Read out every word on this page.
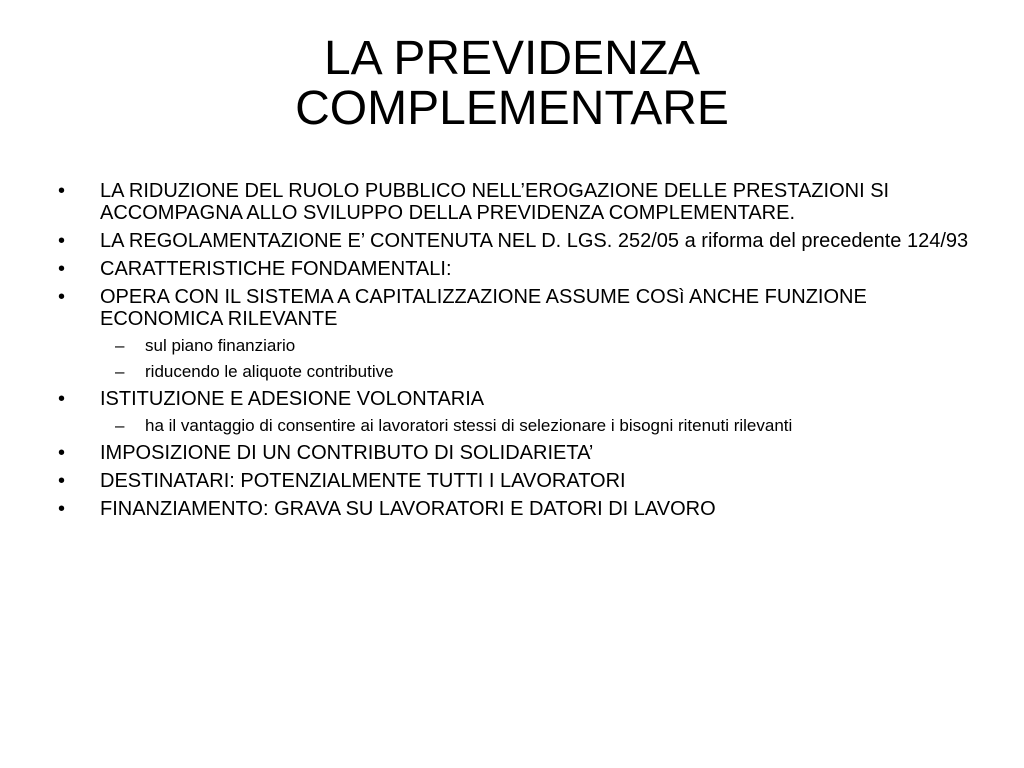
LA PREVIDENZA
COMPLEMENTARE
• LA RIDUZIONE DEL RUOLO PUBBLICO NELL’EROGAZIONE DELLE PRESTAZIONI SI ACCOMPAGNA ALLO SVILUPPO DELLA PREVIDENZA COMPLEMENTARE.
• LA REGOLAMENTAZIONE E’ CONTENUTA NEL D. LGS. 252/05 a riforma del precedente 124/93
• CARATTERISTICHE FONDAMENTALI:
• OPERA CON IL SISTEMA A CAPITALIZZAZIONE ASSUME COSì ANCHE FUNZIONE ECONOMICA RILEVANTE
– sul piano finanziario
– riducendo le aliquote contributive
• ISTITUZIONE E ADESIONE VOLONTARIA
– ha il vantaggio di consentire ai lavoratori stessi di selezionare i bisogni ritenuti rilevanti
• IMPOSIZIONE DI UN CONTRIBUTO DI SOLIDARIETA’
• DESTINATARI: POTENZIALMENTE TUTTI I LAVORATORI
• FINANZIAMENTO: GRAVA SU LAVORATORI E DATORI DI LAVORO
